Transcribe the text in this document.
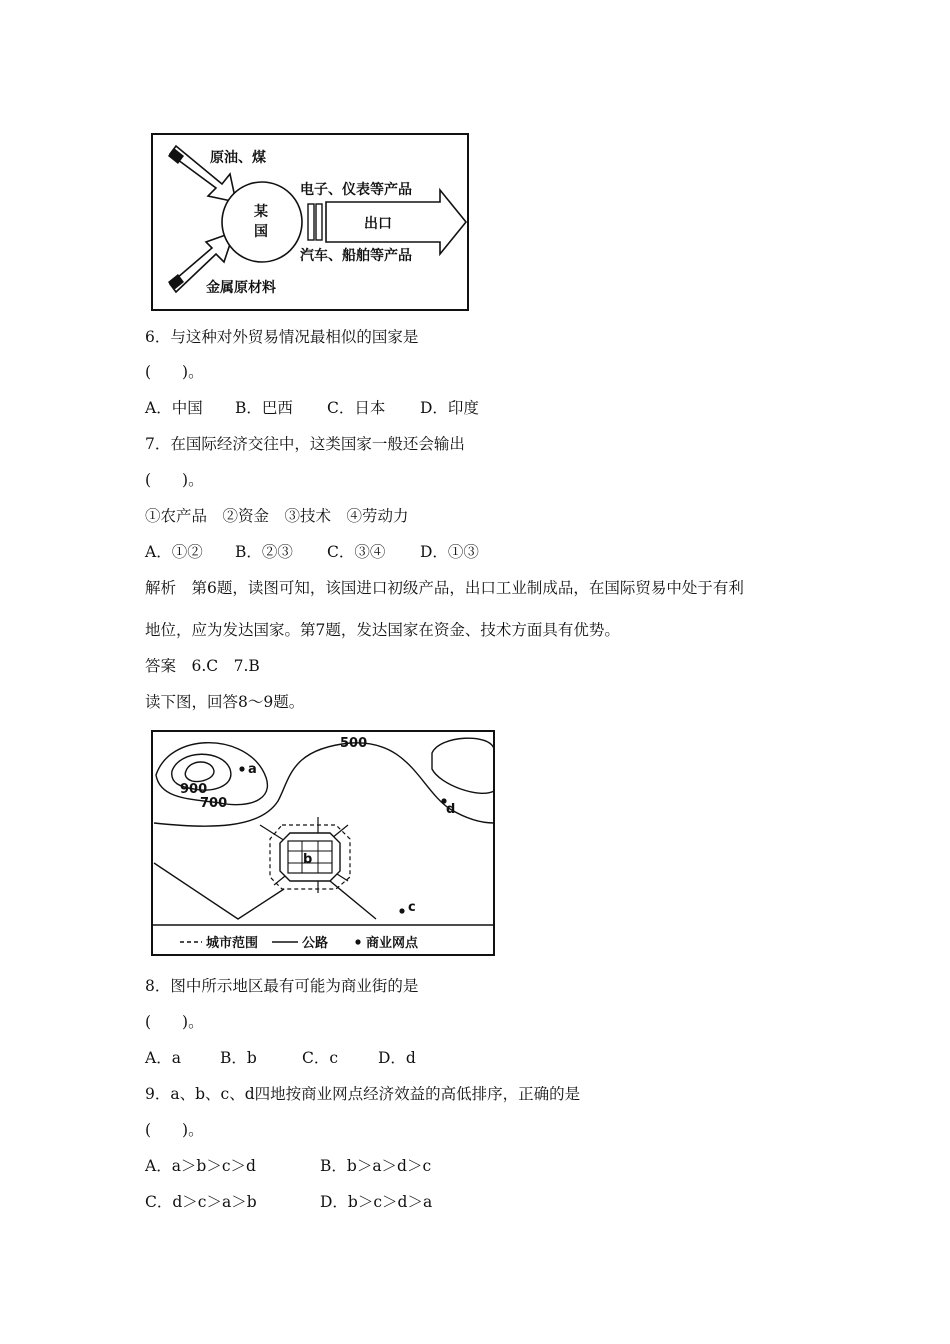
原油、煤
金属原材料
某
国
电子、仪表等产品
出口
汽车、船舶等产品
6．与这种对外贸易情况最相似的国家是
(　　)。
A．中国 B．巴西 C．日本 D．印度
7．在国际经济交往中，这类国家一般还会输出
(　　)。
①农产品　②资金　③技术　④劳动力
A．①② B．②③ C．③④ D．①③
解析　第6题，读图可知，该国进口初级产品，出口工业制成品，在国际贸易中处于有利
地位，应为发达国家。第7题，发达国家在资金、技术方面具有优势。
答案　6.C　7.B
读下图，回答8～9题。
500
900
700
a
d
b
c
城市范围	公路	商业网点
8．图中所示地区最有可能为商业街的是
(　　)。
A．a	B．b	C．c	D．d
9．a、b、c、d四地按商业网点经济效益的高低排序，正确的是
(　　)。
A．a＞b＞c＞d	B．b＞a＞d＞c
C．d＞c＞a＞b	D．b＞c＞d＞a
